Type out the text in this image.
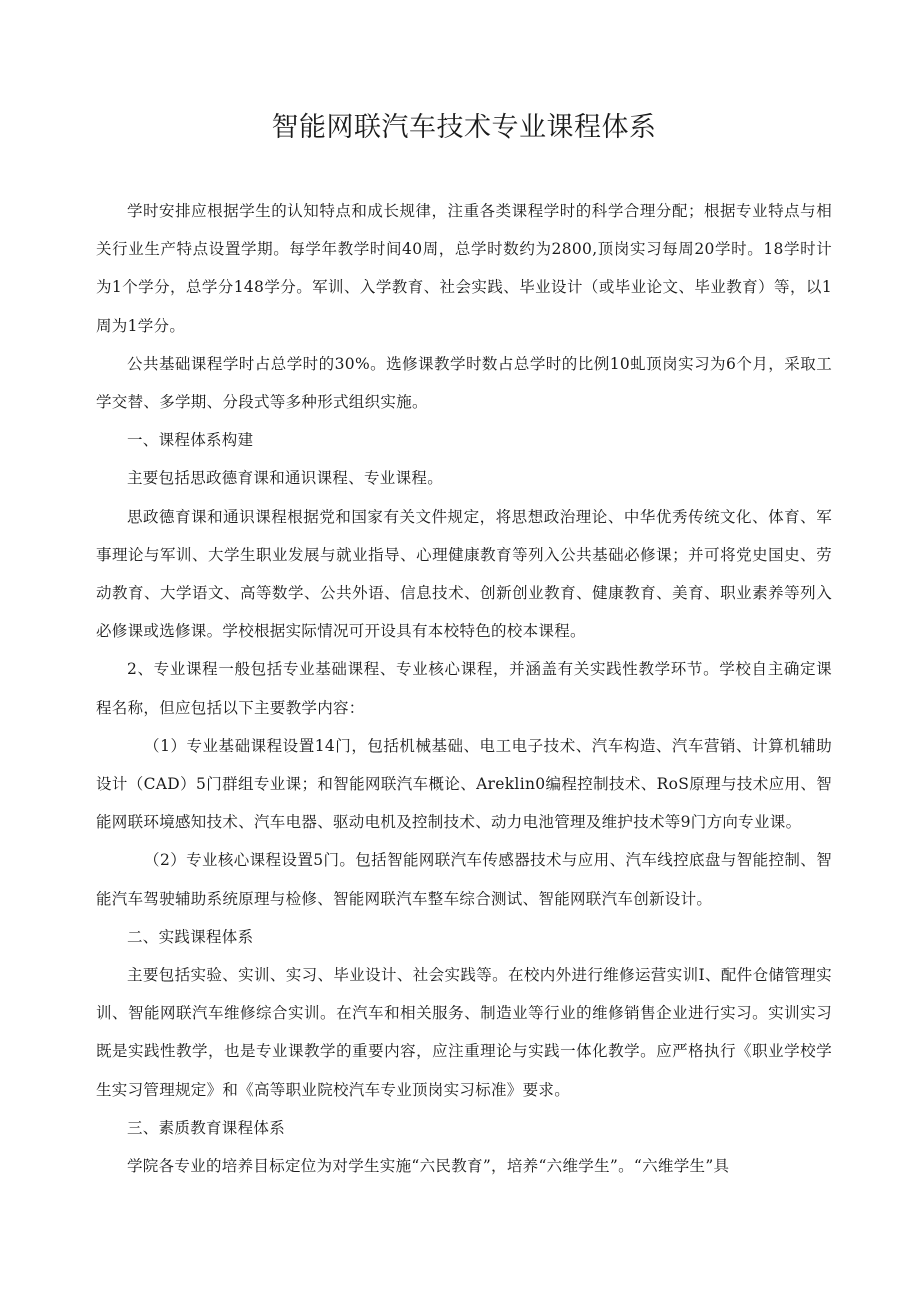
智能网联汽车技术专业课程体系

学时安排应根据学生的认知特点和成长规律，注重各类课程学时的科学合理分配；根据专业特点与相关行业生产特点设置学期。每学年教学时间40周，总学时数约为2800,顶岗实习每周20学时。18学时计为1个学分，总学分148学分。军训、入学教育、社会实践、毕业设计（或毕业论文、毕业教育）等，以1周为1学分。

公共基础课程学时占总学时的30%。选修课教学时数占总学时的比例10虬顶岗实习为6个月，采取工学交替、多学期、分段式等多种形式组织实施。

一、课程体系构建

主要包括思政德育课和通识课程、专业课程。

思政德育课和通识课程根据党和国家有关文件规定，将思想政治理论、中华优秀传统文化、体育、军事理论与军训、大学生职业发展与就业指导、心理健康教育等列入公共基础必修课；并可将党史国史、劳动教育、大学语文、高等数学、公共外语、信息技术、创新创业教育、健康教育、美育、职业素养等列入必修课或选修课。学校根据实际情况可开设具有本校特色的校本课程。

2、专业课程一般包括专业基础课程、专业核心课程，并涵盖有关实践性教学环节。学校自主确定课程名称，但应包括以下主要教学内容：

（1）专业基础课程设置14门，包括机械基础、电工电子技术、汽车构造、汽车营销、计算机辅助设计（CAD）5门群组专业课；和智能网联汽车概论、Areklin0编程控制技术、RoS原理与技术应用、智能网联环境感知技术、汽车电器、驱动电机及控制技术、动力电池管理及维护技术等9门方向专业课。

（2）专业核心课程设置5门。包括智能网联汽车传感器技术与应用、汽车线控底盘与智能控制、智能汽车驾驶辅助系统原理与检修、智能网联汽车整车综合测试、智能网联汽车创新设计。

二、实践课程体系

主要包括实验、实训、实习、毕业设计、社会实践等。在校内外进行维修运营实训I、配件仓储管理实训、智能网联汽车维修综合实训。在汽车和相关服务、制造业等行业的维修销售企业进行实习。实训实习既是实践性教学，也是专业课教学的重要内容，应注重理论与实践一体化教学。应严格执行《职业学校学生实习管理规定》和《高等职业院校汽车专业顶岗实习标准》要求。

三、素质教育课程体系

学院各专业的培养目标定位为对学生实施“六民教育”，培养“六维学生”。“六维学生”具
